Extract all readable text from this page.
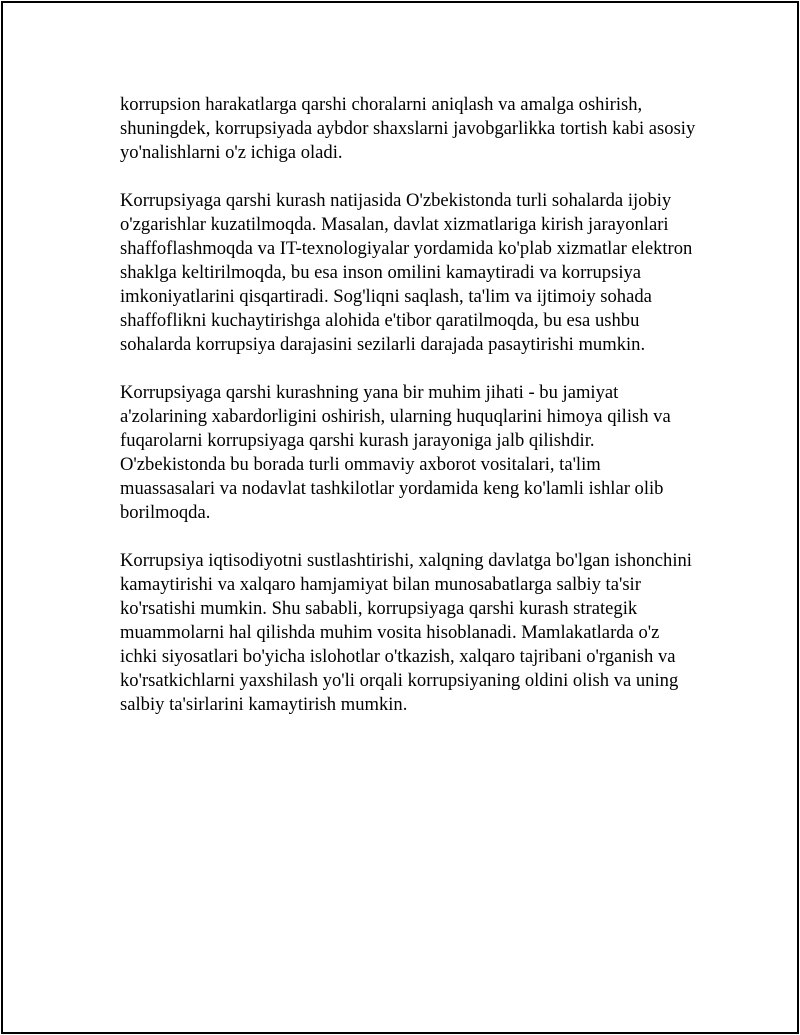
korrupsion harakatlarga qarshi choralarni aniqlash va amalga oshirish, shuningdek, korrupsiyada aybdor shaxslarni javobgarlikka tortish kabi asosiy yo'nalishlarni o'z ichiga oladi.

Korrupsiyaga qarshi kurash natijasida O'zbekistonda turli sohalarda ijobiy o'zgarishlar kuzatilmoqda. Masalan, davlat xizmatlariga kirish jarayonlari shaffoflashmoqda va IT-texnologiyalar yordamida ko'plab xizmatlar elektron shaklga keltirilmoqda, bu esa inson omilini kamaytiradi va korrupsiya imkoniyatlarini qisqartiradi. Sog'liqni saqlash, ta'lim va ijtimoiy sohada shaffoflikni kuchaytirishga alohida e'tibor qaratilmoqda, bu esa ushbu sohalarda korrupsiya darajasini sezilarli darajada pasaytirishi mumkin.

Korrupsiyaga qarshi kurashning yana bir muhim jihati - bu jamiyat a'zolarining xabardorligini oshirish, ularning huquqlarini himoya qilish va fuqarolarni korrupsiyaga qarshi kurash jarayoniga jalb qilishdir. O'zbekistonda bu borada turli ommaviy axborot vositalari, ta'lim muassasalari va nodavlat tashkilotlar yordamida keng ko'lamli ishlar olib borilmoqda.

Korrupsiya iqtisodiyotni sustlashtirishi, xalqning davlatga bo'lgan ishonchini kamaytirishi va xalqaro hamjamiyat bilan munosabatlarga salbiy ta'sir ko'rsatishi mumkin. Shu sababli, korrupsiyaga qarshi kurash strategik muammolarni hal qilishda muhim vosita hisoblanadi. Mamlakatlarda o'z ichki siyosatlari bo'yicha islohotlar o'tkazish, xalqaro tajribani o'rganish va ko'rsatkichlarni yaxshilash yo'li orqali korrupsiyaning oldini olish va uning salbiy ta'sirlarini kamaytirish mumkin.
